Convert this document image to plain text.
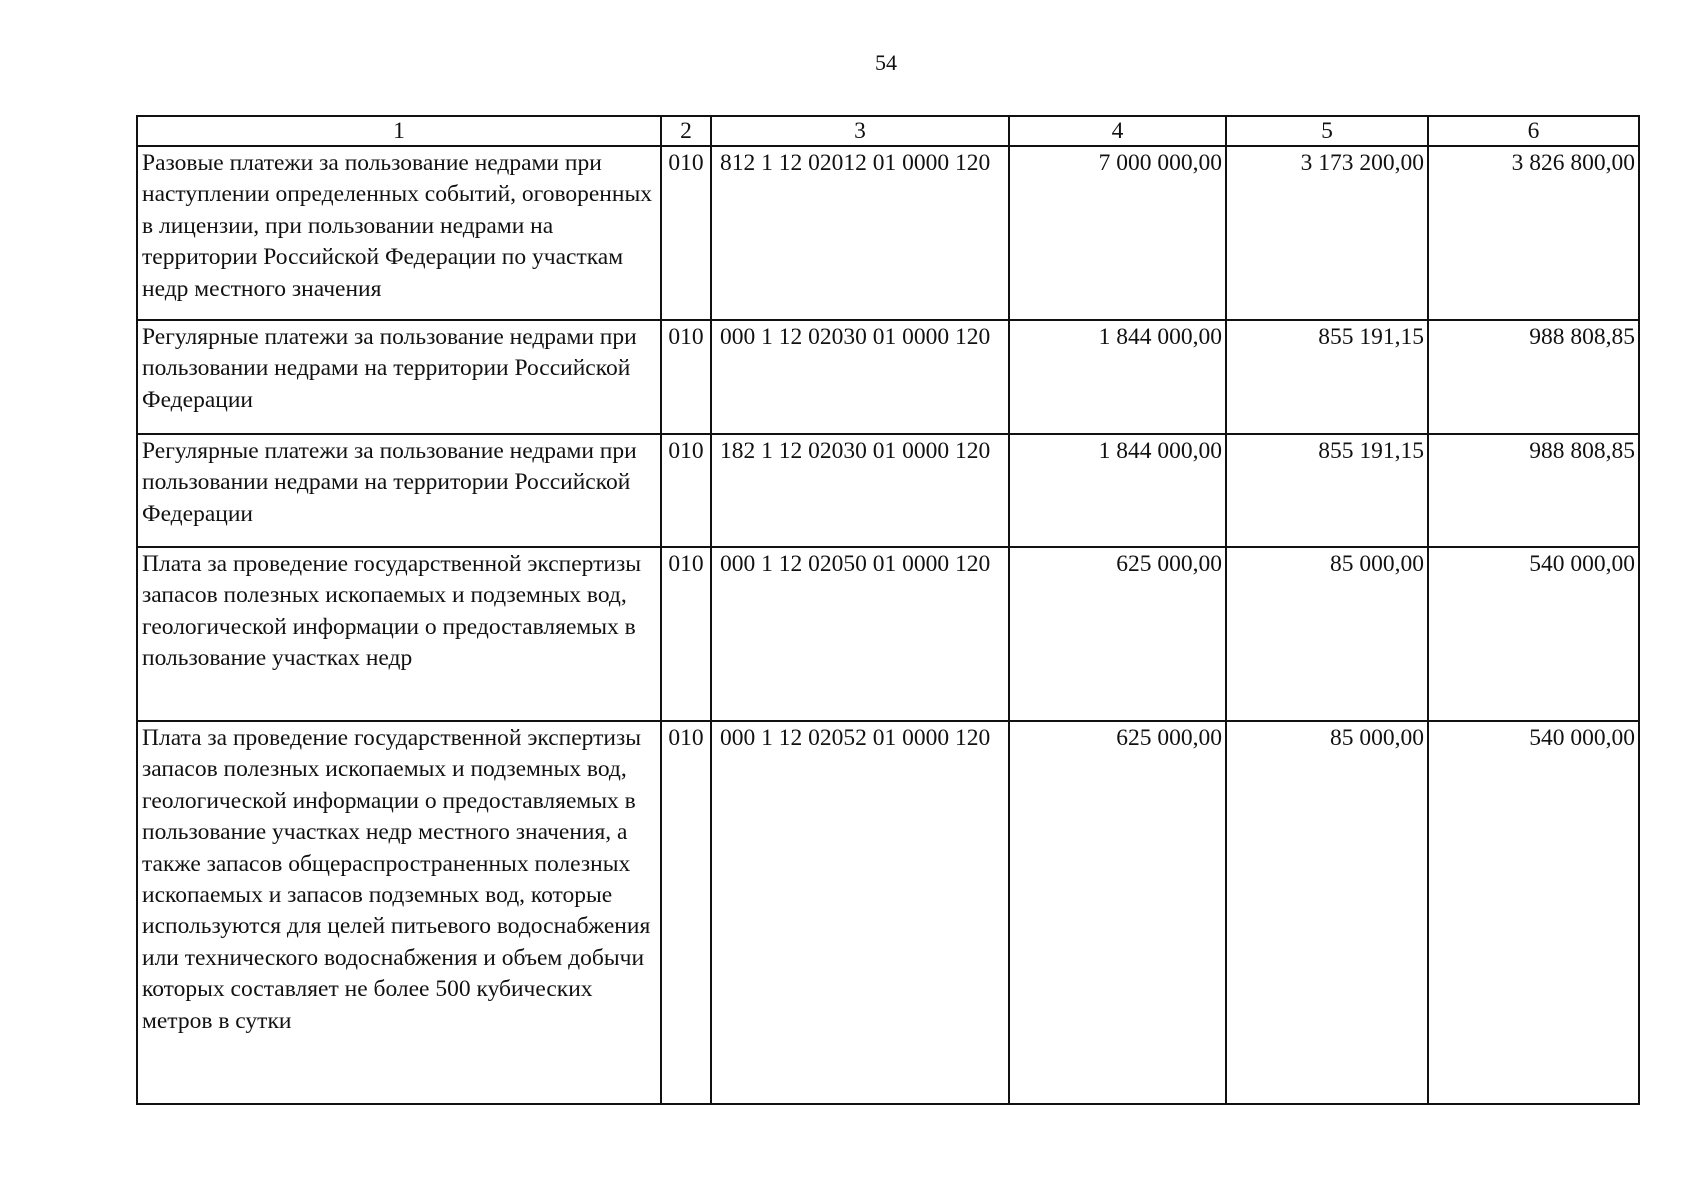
54
1	2	3	4	5	6
Разовые платежи за пользование недрами при наступлении определенных событий, оговоренных в лицензии, при пользовании недрами на территории Российской Федерации по участкам недр местного значения	010	812 1 12 02012 01 0000 120	7 000 000,00	3 173 200,00	3 826 800,00
Регулярные платежи за пользование недрами при пользовании недрами на территории Российской Федерации	010	000 1 12 02030 01 0000 120	1 844 000,00	855 191,15	988 808,85
Регулярные платежи за пользование недрами при пользовании недрами на территории Российской Федерации	010	182 1 12 02030 01 0000 120	1 844 000,00	855 191,15	988 808,85
Плата за проведение государственной экспертизы запасов полезных ископаемых и подземных вод, геологической информации о предоставляемых в пользование участках недр	010	000 1 12 02050 01 0000 120	625 000,00	85 000,00	540 000,00
Плата за проведение государственной экспертизы запасов полезных ископаемых и подземных вод, геологической информации о предоставляемых в пользование участках недр местного значения, а также запасов общераспространенных полезных ископаемых и запасов подземных вод, которые используются для целей питьевого водоснабжения или технического водоснабжения и объем добычи которых составляет не более 500 кубических метров в сутки	010	000 1 12 02052 01 0000 120	625 000,00	85 000,00	540 000,00
